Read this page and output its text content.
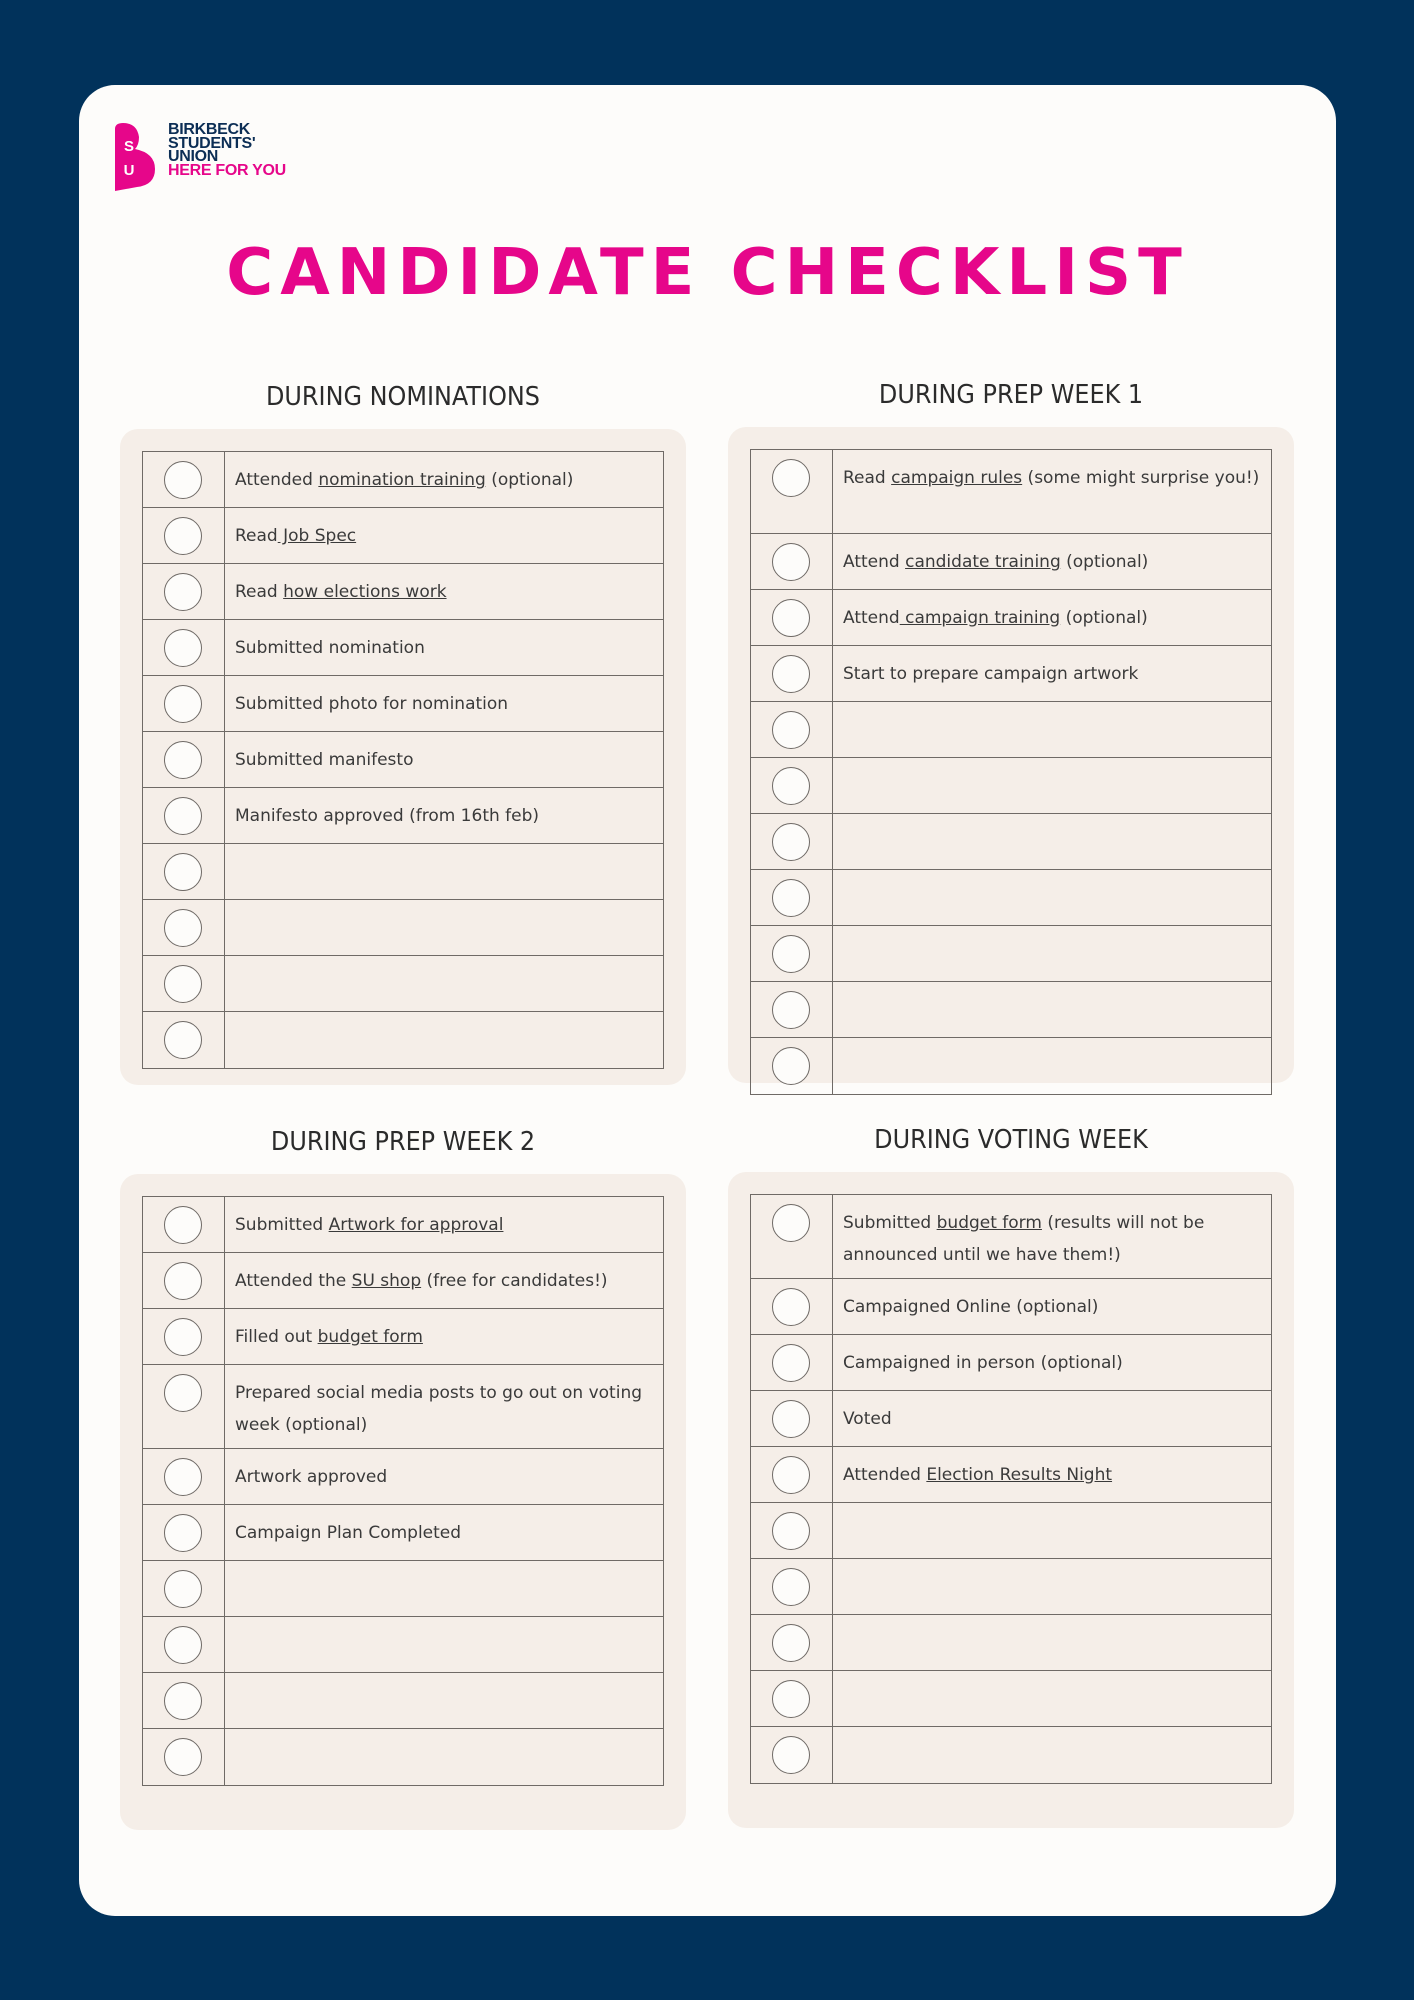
S
U
BIRKBECK
STUDENTS'
UNION
HERE FOR YOU
CANDIDATE CHECKLIST
DURING NOMINATIONS
Attended nomination training (optional)
Read Job Spec
Read how elections work
Submitted nomination
Submitted photo for nomination
Submitted manifesto
Manifesto approved (from 16th feb)
DURING PREP WEEK 1
Read campaign rules (some might surprise you!)
Attend candidate training (optional)
Attend campaign training (optional)
Start to prepare campaign artwork
DURING PREP WEEK 2
Submitted Artwork for approval
Attended the SU shop (free for candidates!)
Filled out budget form
Prepared social media posts to go out on voting week (optional)
Artwork approved
Campaign Plan Completed
DURING VOTING WEEK
Submitted budget form (results will not be announced until we have them!)
Campaigned Online (optional)
Campaigned in person (optional)
Voted
Attended Election Results Night
